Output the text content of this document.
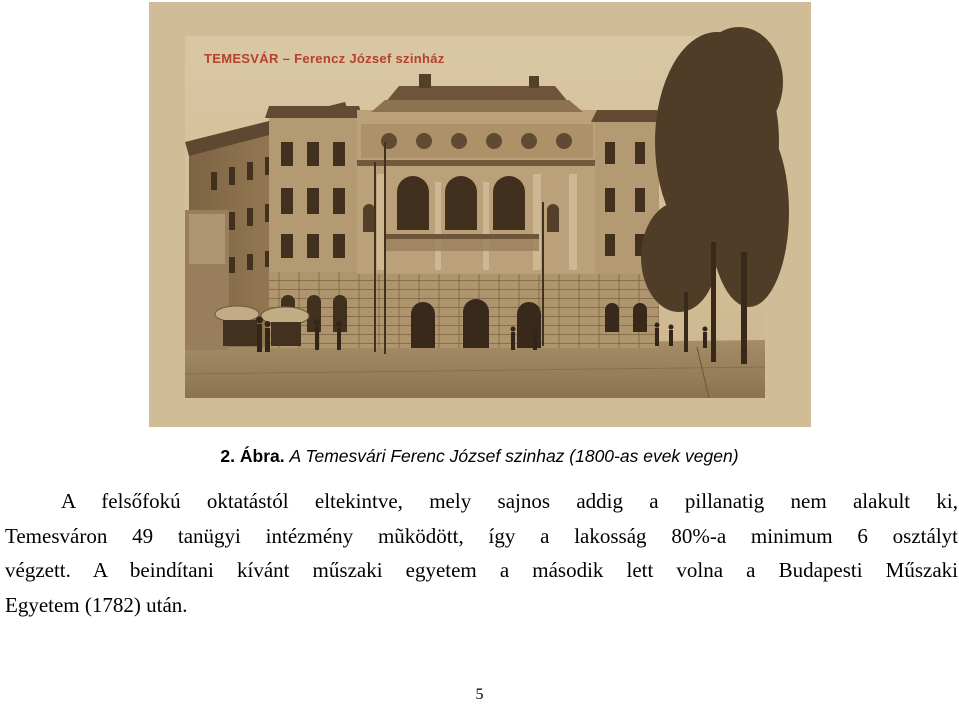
TEMESVÁR – Ferencz József szinház
2. Ábra. A Temesvári Ferenc József szinhaz (1800-as evek vegen)
A felsőfokú oktatástól eltekintve, mely sajnos addig a pillanatig nem alakult ki,
Temesváron 49 tanügyi intézmény mũködött, így a lakosság 80%-a minimum 6 osztályt
végzett. A beindítani kívánt műszaki egyetem a második lett volna a Budapesti Műszaki
Egyetem (1782) után.
5
